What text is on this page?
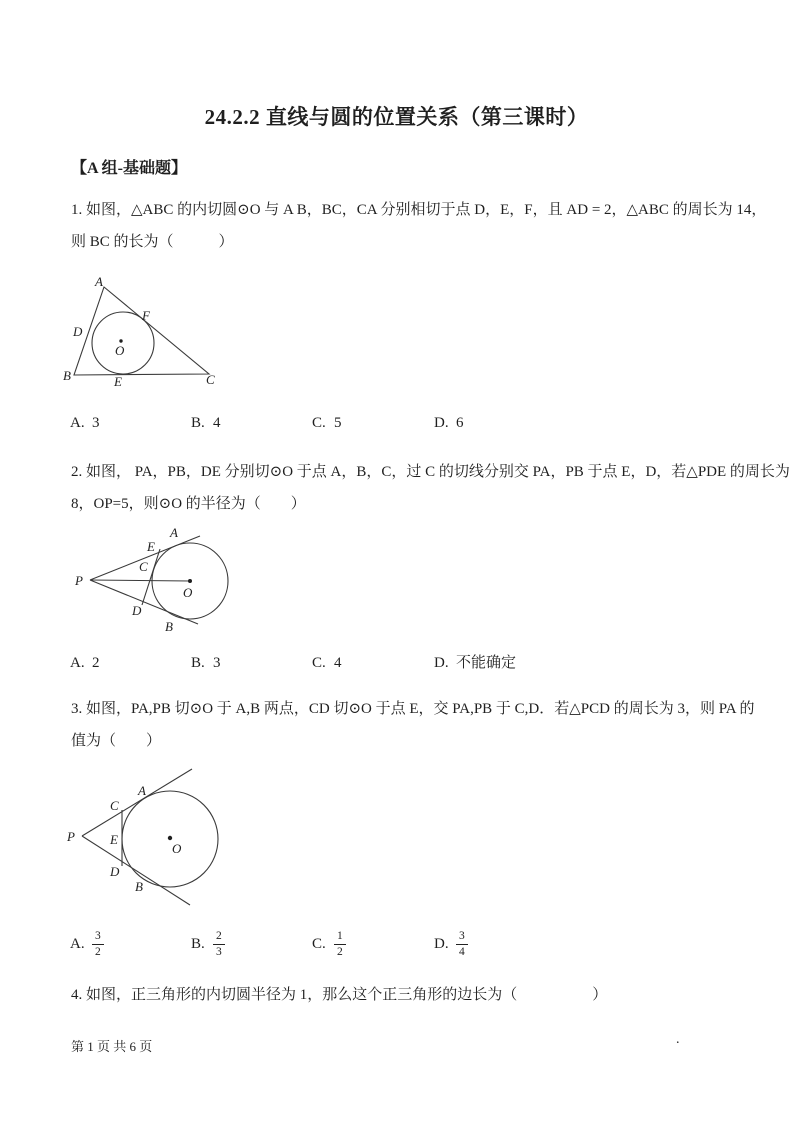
24.2.2 直线与圆的位置关系（第三课时）
【A 组-基础题】
1. 如图，△ABC 的内切圆⊙O 与 A B，BC，CA 分别相切于点 D，E，F，且 AD = 2，△ABC 的周长为 14，
则 BC 的长为（　　　）
A
D
F
O
B	E	C
A. 3	B. 4	C. 5	D. 6
2. 如图， PA，PB，DE 分别切⊙O 于点 A，B，C，过 C 的切线分别交 PA，PB 于点 E，D，若△PDE 的周长为
8，OP=5，则⊙O 的半径为（　　）
P
A
E
C
O
D
B
A. 2	B. 3	C. 4	D. 不能确定
3. 如图，PA,PB 切⊙O 于 A,B 两点，CD 切⊙O 于点 E，交 PA,PB 于 C,D．若△PCD 的周长为 3，则 PA 的
值为（　　）
A
C
P	E
O
D
B
A. $\frac{3}{2}$	B. $\frac{2}{3}$	C. $\frac{1}{2}$	D. $\frac{3}{4}$
4. 如图，正三角形的内切圆半径为 1，那么这个正三角形的边长为（　　　　　）
第 1 页 共 6 页	.
